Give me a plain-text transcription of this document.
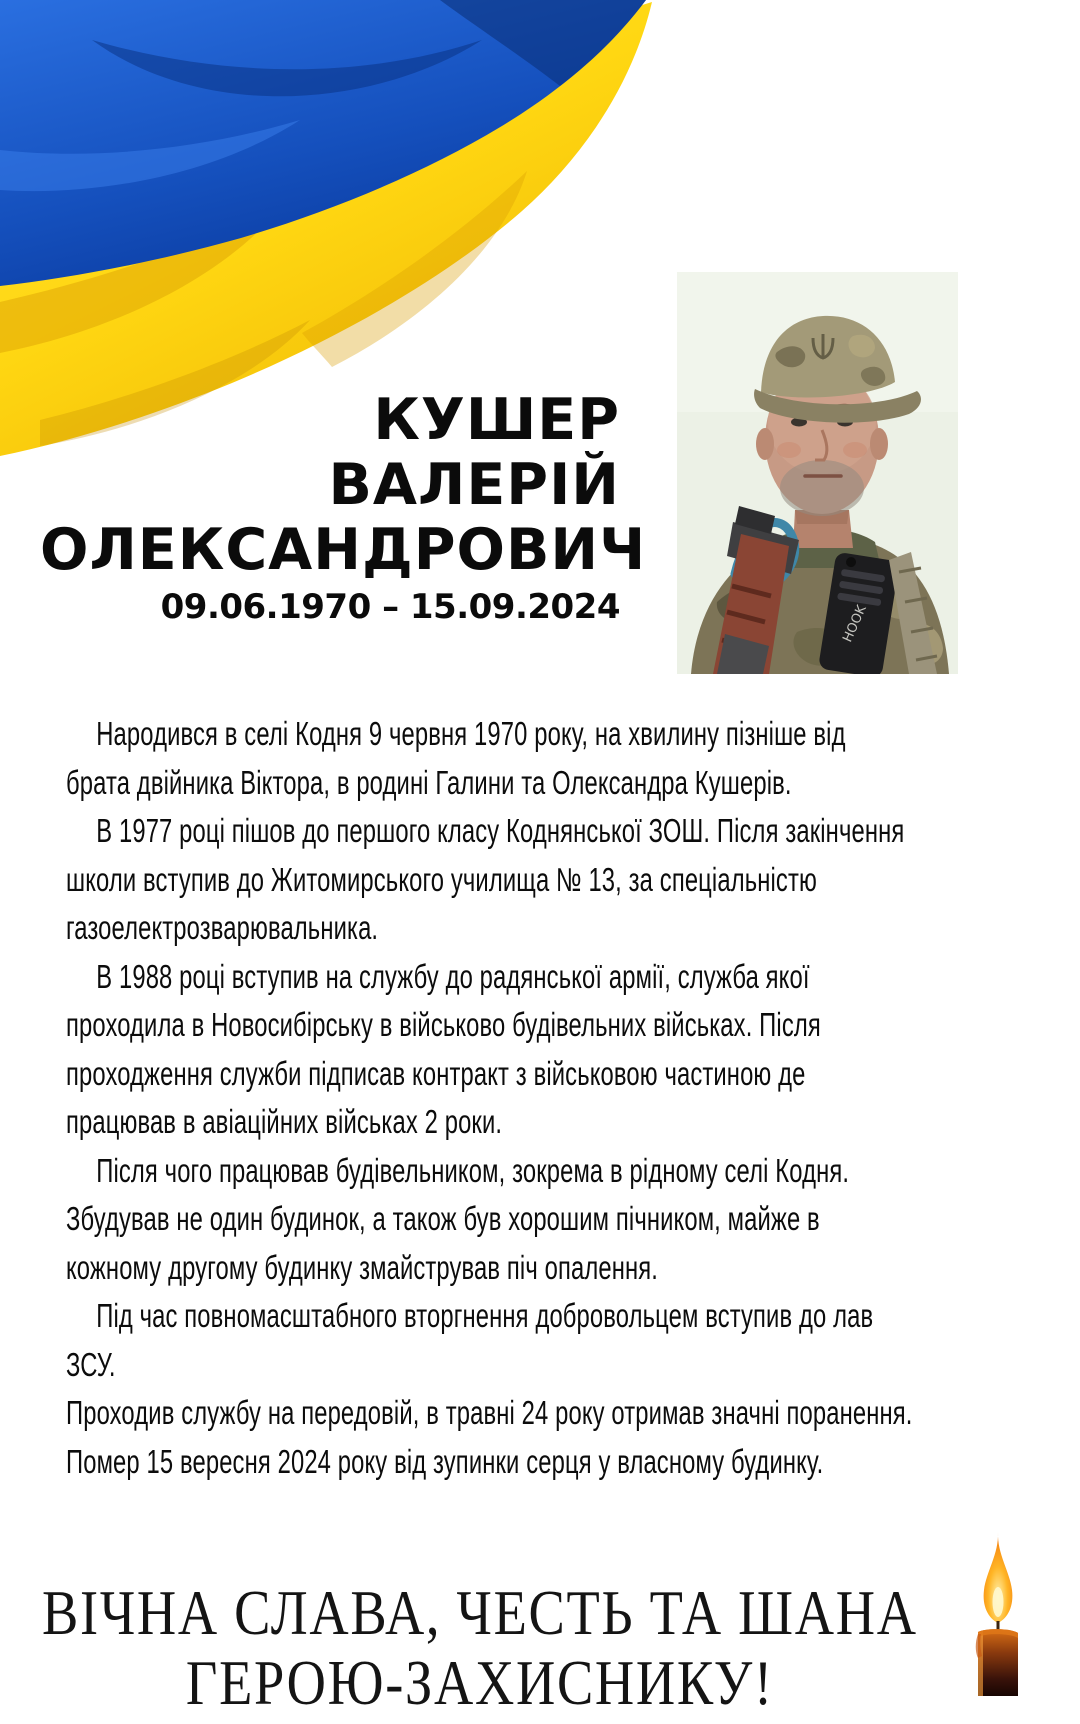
HOOK
КУШЕР
ВАЛЕРІЙ
ОЛЕКСАНДРОВИЧ
09.06.1970 – 15.09.2024

Народився в селі Кодня 9 червня 1970 року, на хвилину пізніше від брата двійника Віктора, в родині Галини та Олександра Кушерів.

В 1977 році пішов до першого класу Коднянської ЗОШ. Після закінчення школи вступив до Житомирського училища № 13, за спеціальністю газоелектрозварювальника.

В 1988 році вступив на службу до радянської армії, служба якої проходила в Новосибірську в військово будівельних військах. Після проходження служби підписав контракт з військовою частиною де працював в авіаційних військах 2 роки.

Після чого працював будівельником, зокрема в рідному селі Кодня. Збудував не один будинок, а також був хорошим пічником, майже в кожному другому будинку змайстрував піч опалення.

Під час повномасштабного вторгнення добровольцем вступив до лав ЗСУ.

Проходив службу на передовій, в травні 24 року отримав значні поранення. Помер 15 вересня 2024 року від зупинки серця у власному будинку.

ВІЧНА СЛАВА, ЧЕСТЬ ТА ШАНА
ГЕРОЮ-ЗАХИСНИКУ!
